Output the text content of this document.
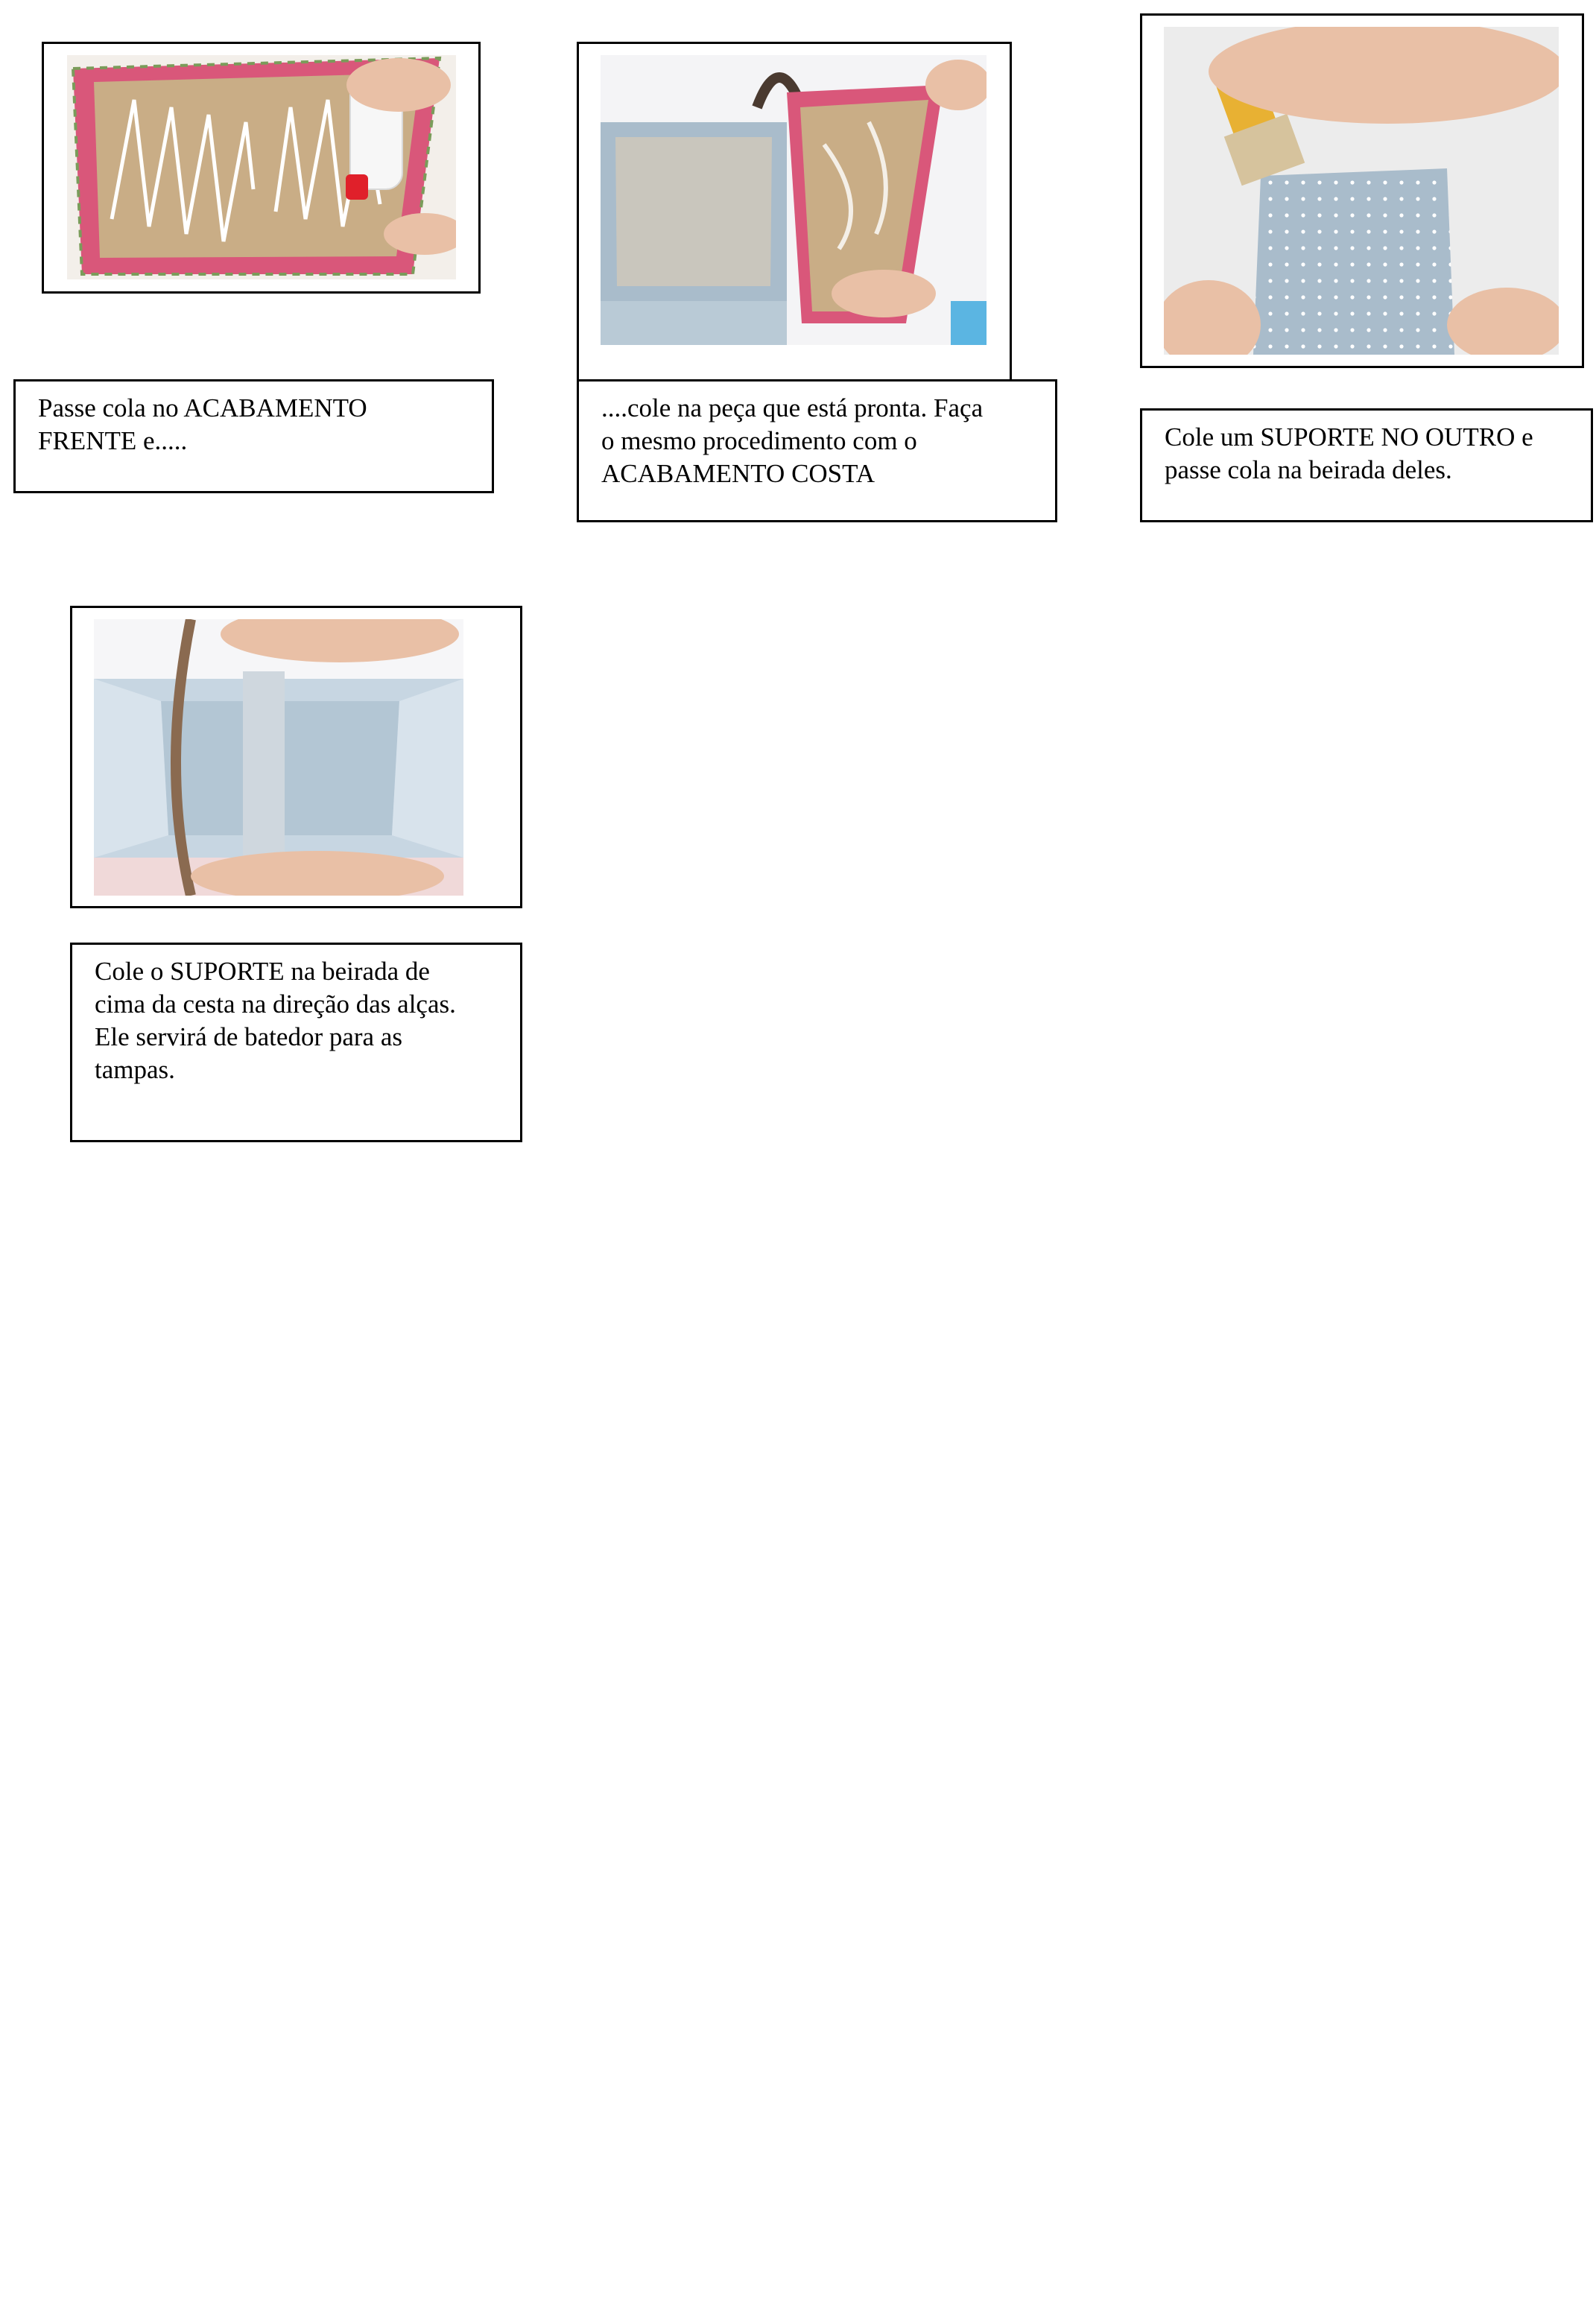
Passe cola no ACABAMENTO
FRENTE e.....
....cole na peça que está pronta. Faça
o mesmo procedimento com o
ACABAMENTO COSTA
Cole um SUPORTE NO OUTRO e
passe cola na beirada deles.
Cole o SUPORTE na beirada de
cima da cesta na direção das alças.
Ele servirá de batedor para as
tampas.
